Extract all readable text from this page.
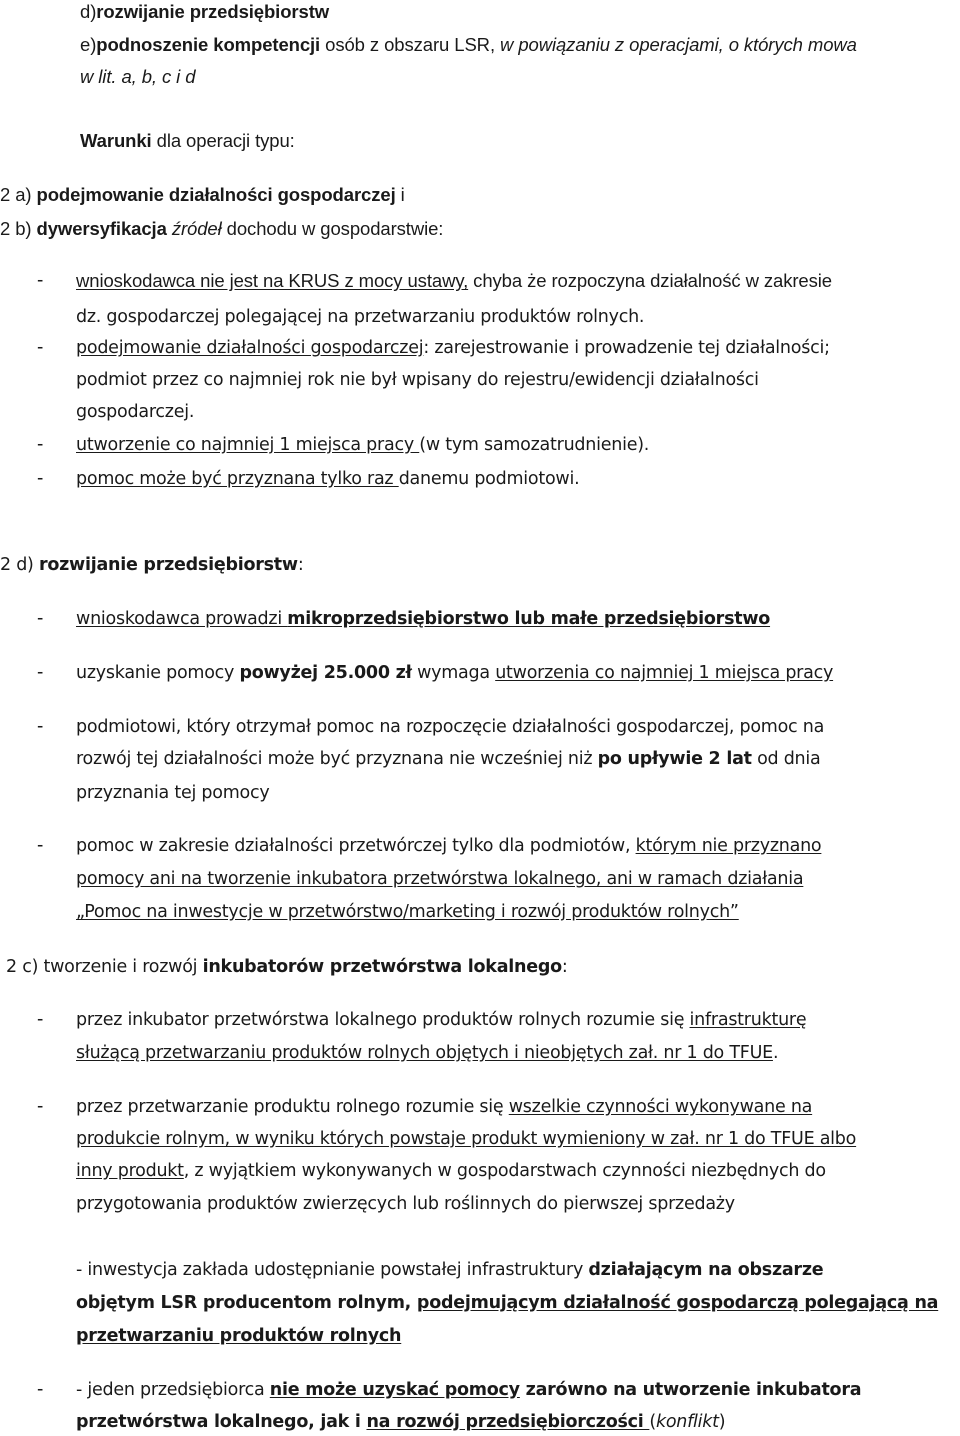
d)rozwijanie przedsiębiorstw
e)podnoszenie kompetencji osób z obszaru LSR, w powiązaniu z operacjami, o których mowa
w lit. a, b, c i d
Warunki dla operacji typu:
2 a) podejmowanie działalności gospodarczej i
2 b) dywersyfikacja źródeł dochodu w gospodarstwie:
- wnioskodawca nie jest na KRUS z mocy ustawy, chyba że rozpoczyna działalność w zakresie
dz. gospodarczej polegającej na przetwarzaniu produktów rolnych.
- podejmowanie działalności gospodarczej: zarejestrowanie i prowadzenie tej działalności;
podmiot przez co najmniej rok nie był wpisany do rejestru/ewidencji działalności
gospodarczej.
- utworzenie co najmniej 1 miejsca pracy (w tym samozatrudnienie).
- pomoc może być przyznana tylko raz danemu podmiotowi.
2 d) rozwijanie przedsiębiorstw:
- wnioskodawca prowadzi mikroprzedsiębiorstwo lub małe przedsiębiorstwo
- uzyskanie pomocy powyżej 25.000 zł wymaga utworzenia co najmniej 1 miejsca pracy
- podmiotowi, który otrzymał pomoc na rozpoczęcie działalności gospodarczej, pomoc na
rozwój tej działalności może być przyznana nie wcześniej niż po upływie 2 lat od dnia
przyznania tej pomocy
- pomoc w zakresie działalności przetwórczej tylko dla podmiotów, którym nie przyznano
pomocy ani na tworzenie inkubatora przetwórstwa lokalnego, ani w ramach działania
„Pomoc na inwestycje w przetwórstwo/marketing i rozwój produktów rolnych”
2 c) tworzenie i rozwój inkubatorów przetwórstwa lokalnego:
- przez inkubator przetwórstwa lokalnego produktów rolnych rozumie się infrastrukturę
służącą przetwarzaniu produktów rolnych objętych i nieobjętych zał. nr 1 do TFUE.
- przez przetwarzanie produktu rolnego rozumie się wszelkie czynności wykonywane na
produkcie rolnym, w wyniku których powstaje produkt wymieniony w zał. nr 1 do TFUE albo
inny produkt, z wyjątkiem wykonywanych w gospodarstwach czynności niezbędnych do
przygotowania produktów zwierzęcych lub roślinnych do pierwszej sprzedaży
- inwestycja zakłada udostępnianie powstałej infrastruktury działającym na obszarze
objętym LSR producentom rolnym, podejmującym działalność gospodarczą polegającą na
przetwarzaniu produktów rolnych
- - jeden przedsiębiorca nie może uzyskać pomocy zarówno na utworzenie inkubatora
przetwórstwa lokalnego, jak i na rozwój przedsiębiorczości (konflikt)
